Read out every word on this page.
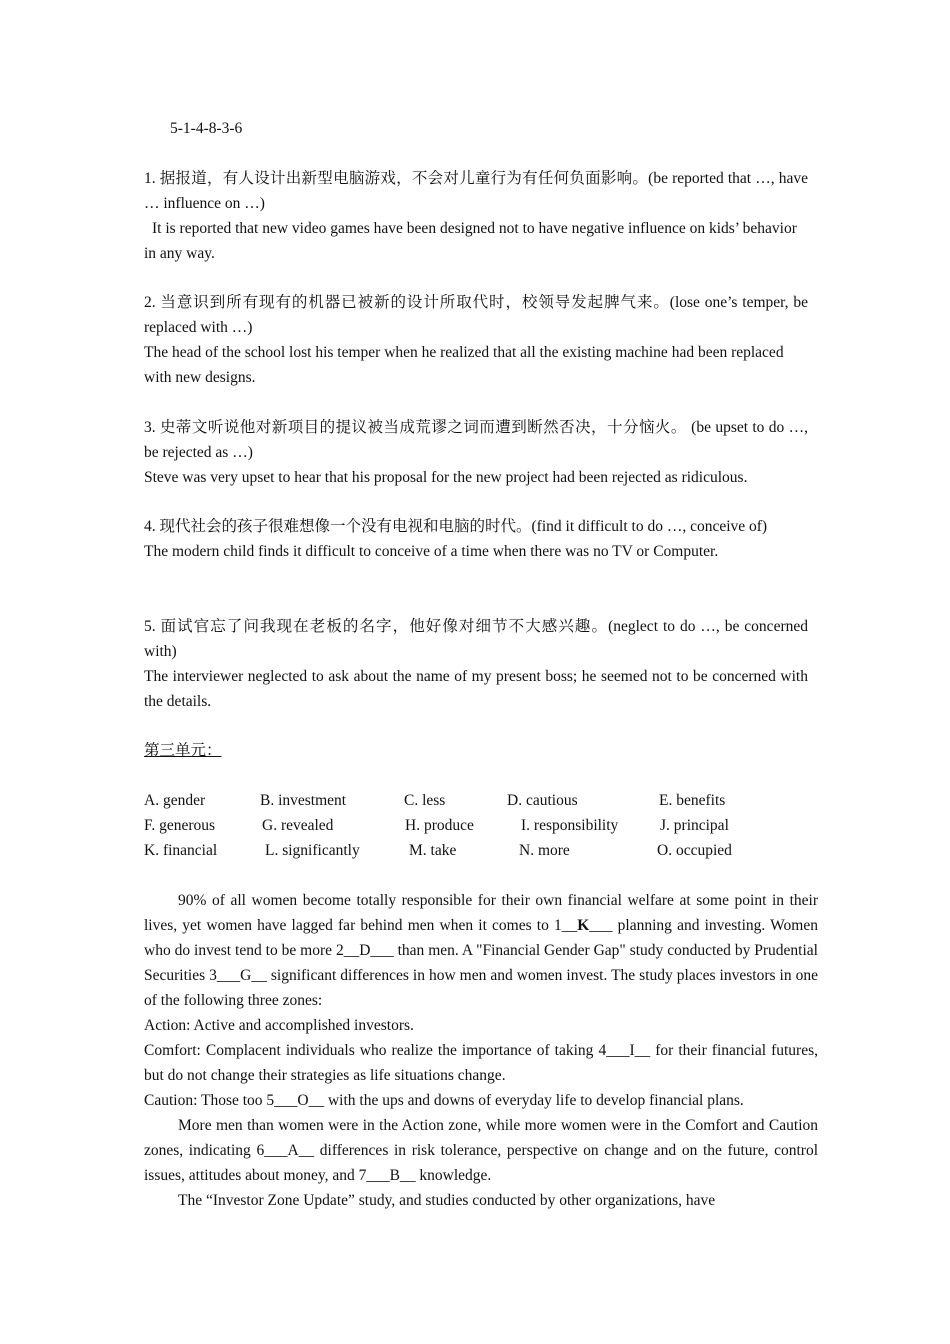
5-1-4-8-3-6

1. 据报道，有人设计出新型电脑游戏，不会对儿童行为有任何负面影响。(be reported that …, have … influence on …)

It is reported that new video games have been designed not to have negative influence on kids’ behavior in any way.

2. 当意识到所有现有的机器已被新的设计所取代时，校领导发起脾气来。(lose one’s temper, be replaced with …)

The head of the school lost his temper when he realized that all the existing machine had been replaced with new designs.

3. 史蒂文听说他对新项目的提议被当成荒谬之词而遭到断然否决，十分恼火。 (be upset to do …, be rejected as …)

Steve was very upset to hear that his proposal for the new project had been rejected as ridiculous.

4. 现代社会的孩子很难想像一个没有电视和电脑的时代。(find it difficult to do …, conceive of)

The modern child finds it difficult to conceive of a time when there was no TV or Computer.

5. 面试官忘了问我现在老板的名字，他好像对细节不大感兴趣。(neglect to do …, be concerned with)

The interviewer neglected to ask about the name of my present boss; he seemed not to be concerned with the details.

第三单元：
A. gender	B. investment	C. less	D. cautious	E. benefits
F. generous	G. revealed	H. produce	I. responsibility	J. principal
K. financial	L. significantly	M. take	N. more	O. occupied

90% of all women become totally responsible for their own financial welfare at some point in their lives, yet women have lagged far behind men when it comes to 1__K___ planning and investing. Women who do invest tend to be more 2__D___ than men. A "Financial Gender Gap" study conducted by Prudential Securities 3___G__ significant differences in how men and women invest. The study places investors in one of the following three zones:

Action: Active and accomplished investors.

Comfort: Complacent individuals who realize the importance of taking 4___I__ for their financial futures, but do not change their strategies as life situations change.

Caution: Those too 5___O__ with the ups and downs of everyday life to develop financial plans.

More men than women were in the Action zone, while more women were in the Comfort and Caution zones, indicating 6___A__ differences in risk tolerance, perspective on change and on the future, control issues, attitudes about money, and 7___B__ knowledge.

The “Investor Zone Update” study, and studies conducted by other organizations, have
